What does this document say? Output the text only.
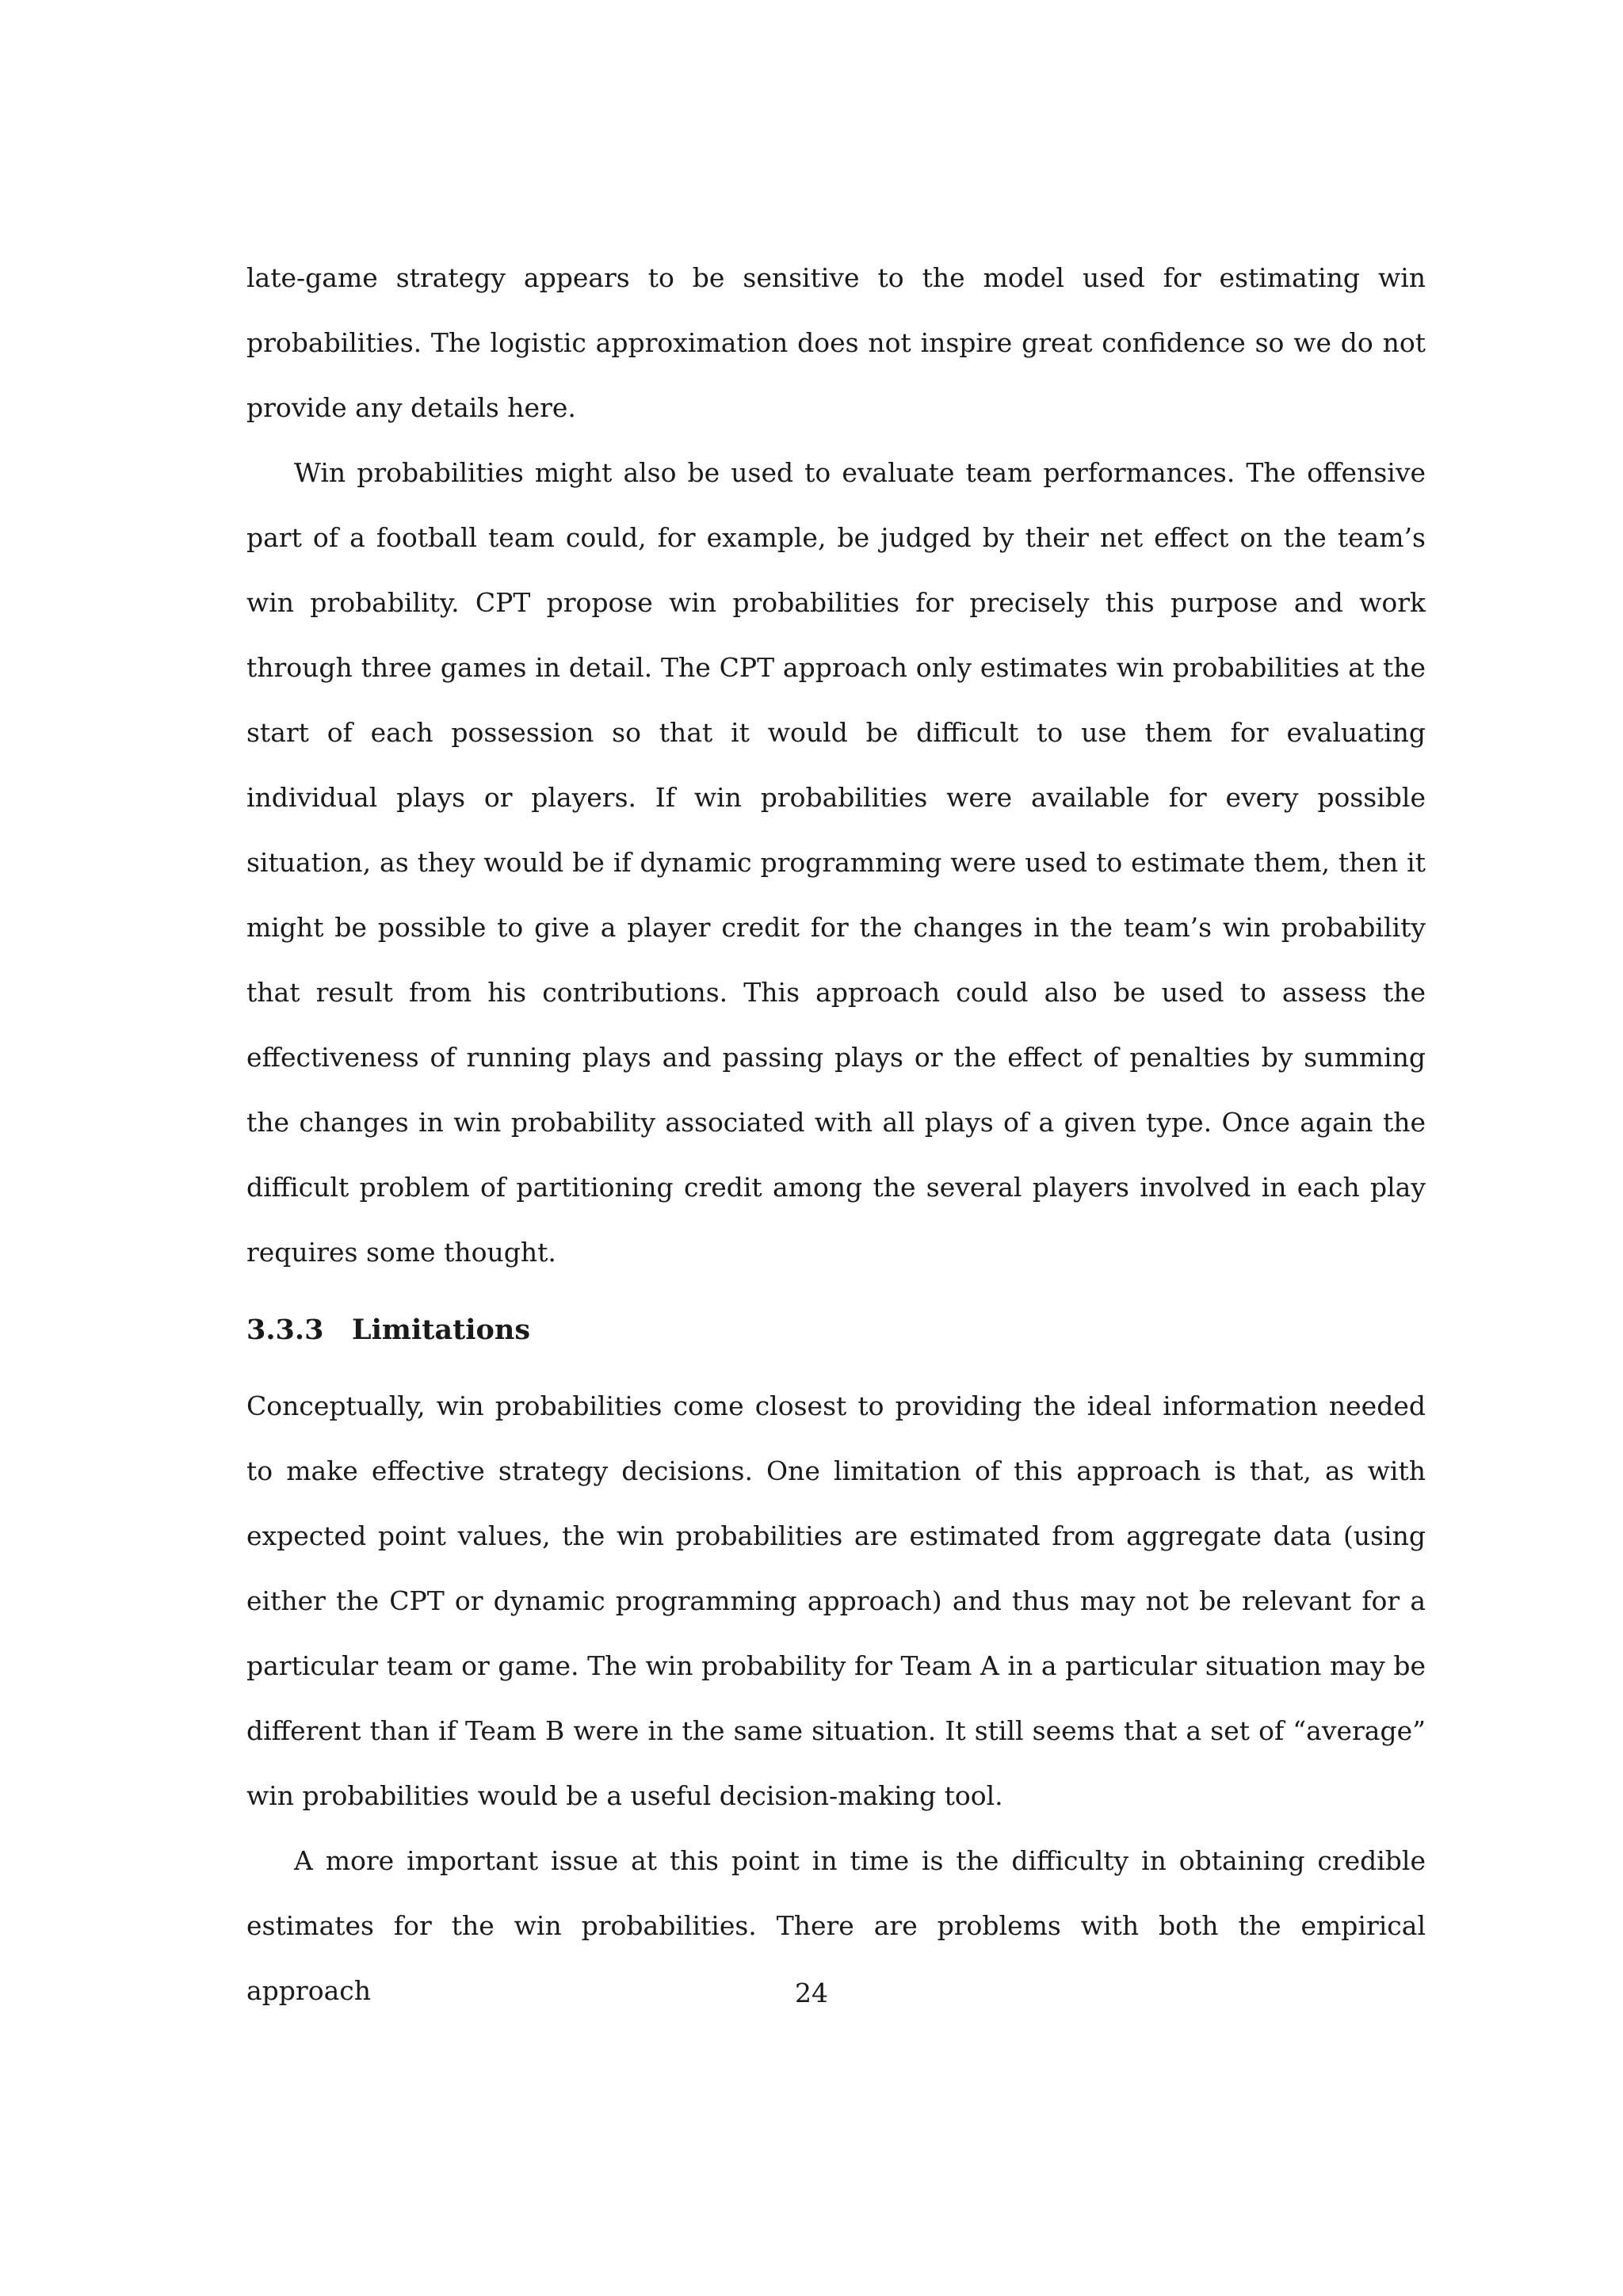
late-game strategy appears to be sensitive to the model used for estimating win probabilities. The logistic approximation does not inspire great confidence so we do not provide any details here.

Win probabilities might also be used to evaluate team performances. The offensive part of a football team could, for example, be judged by their net effect on the team’s win probability. CPT propose win probabilities for precisely this purpose and work through three games in detail. The CPT approach only estimates win probabilities at the start of each possession so that it would be difficult to use them for evaluating individual plays or players. If win probabilities were available for every possible situation, as they would be if dynamic programming were used to estimate them, then it might be possible to give a player credit for the changes in the team’s win probability that result from his contributions. This approach could also be used to assess the effectiveness of running plays and passing plays or the effect of penalties by summing the changes in win probability associated with all plays of a given type. Once again the difficult problem of partitioning credit among the several players involved in each play requires some thought.

3.3.3	Limitations

Conceptually, win probabilities come closest to providing the ideal information needed to make effective strategy decisions. One limitation of this approach is that, as with expected point values, the win probabilities are estimated from aggregate data (using either the CPT or dynamic programming approach) and thus may not be relevant for a particular team or game. The win probability for Team A in a particular situation may be different than if Team B were in the same situation. It still seems that a set of “average” win probabilities would be a useful decision-making tool.

A more important issue at this point in time is the difficulty in obtaining credible estimates for the win probabilities. There are problems with both the empirical approach	24
